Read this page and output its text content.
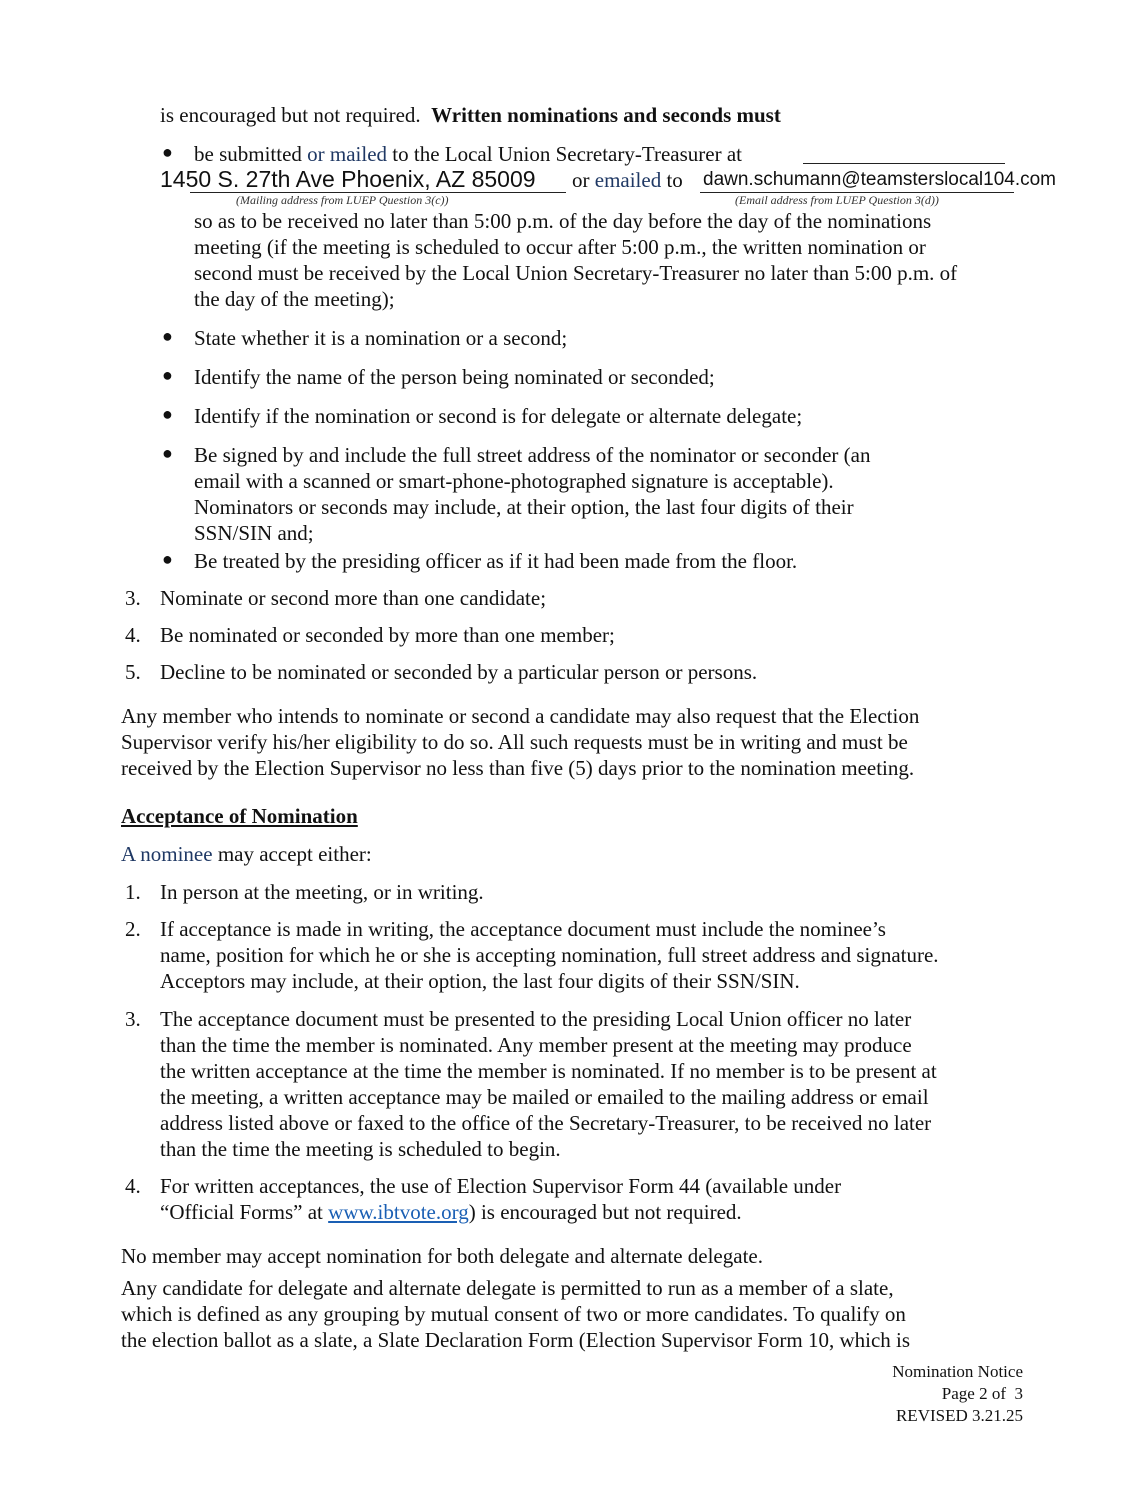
is encouraged but not required. Written nominations and seconds must
● be submitted or mailed to the Local Union Secretary-Treasurer at
1450 S. 27th Ave Phoenix, AZ 85009 or emailed to dawn.schumann@teamsterslocal104.com
(Mailing address from LUEP Question 3(c))	(Email address from LUEP Question 3(d))
so as to be received no later than 5:00 p.m. of the day before the day of the nominations
meeting (if the meeting is scheduled to occur after 5:00 p.m., the written nomination or
second must be received by the Local Union Secretary-Treasurer no later than 5:00 p.m. of
the day of the meeting);
● State whether it is a nomination or a second;
● Identify the name of the person being nominated or seconded;
● Identify if the nomination or second is for delegate or alternate delegate;
● Be signed by and include the full street address of the nominator or seconder (an
email with a scanned or smart-phone-photographed signature is acceptable).
Nominators or seconds may include, at their option, the last four digits of their
SSN/SIN and;
● Be treated by the presiding officer as if it had been made from the floor.
3. Nominate or second more than one candidate;
4. Be nominated or seconded by more than one member;
5. Decline to be nominated or seconded by a particular person or persons.
Any member who intends to nominate or second a candidate may also request that the Election
Supervisor verify his/her eligibility to do so. All such requests must be in writing and must be
received by the Election Supervisor no less than five (5) days prior to the nomination meeting.
Acceptance of Nomination
A nominee may accept either:
1. In person at the meeting, or in writing.
2. If acceptance is made in writing, the acceptance document must include the nominee’s
name, position for which he or she is accepting nomination, full street address and signature.
Acceptors may include, at their option, the last four digits of their SSN/SIN.
3. The acceptance document must be presented to the presiding Local Union officer no later
than the time the member is nominated. Any member present at the meeting may produce
the written acceptance at the time the member is nominated. If no member is to be present at
the meeting, a written acceptance may be mailed or emailed to the mailing address or email
address listed above or faxed to the office of the Secretary-Treasurer, to be received no later
than the time the meeting is scheduled to begin.
4. For written acceptances, the use of Election Supervisor Form 44 (available under
“Official Forms” at www.ibtvote.org) is encouraged but not required.
No member may accept nomination for both delegate and alternate delegate.
Any candidate for delegate and alternate delegate is permitted to run as a member of a slate,
which is defined as any grouping by mutual consent of two or more candidates. To qualify on
the election ballot as a slate, a Slate Declaration Form (Election Supervisor Form 10, which is
Nomination Notice
Page 2 of  3
REVISED 3.21.25
